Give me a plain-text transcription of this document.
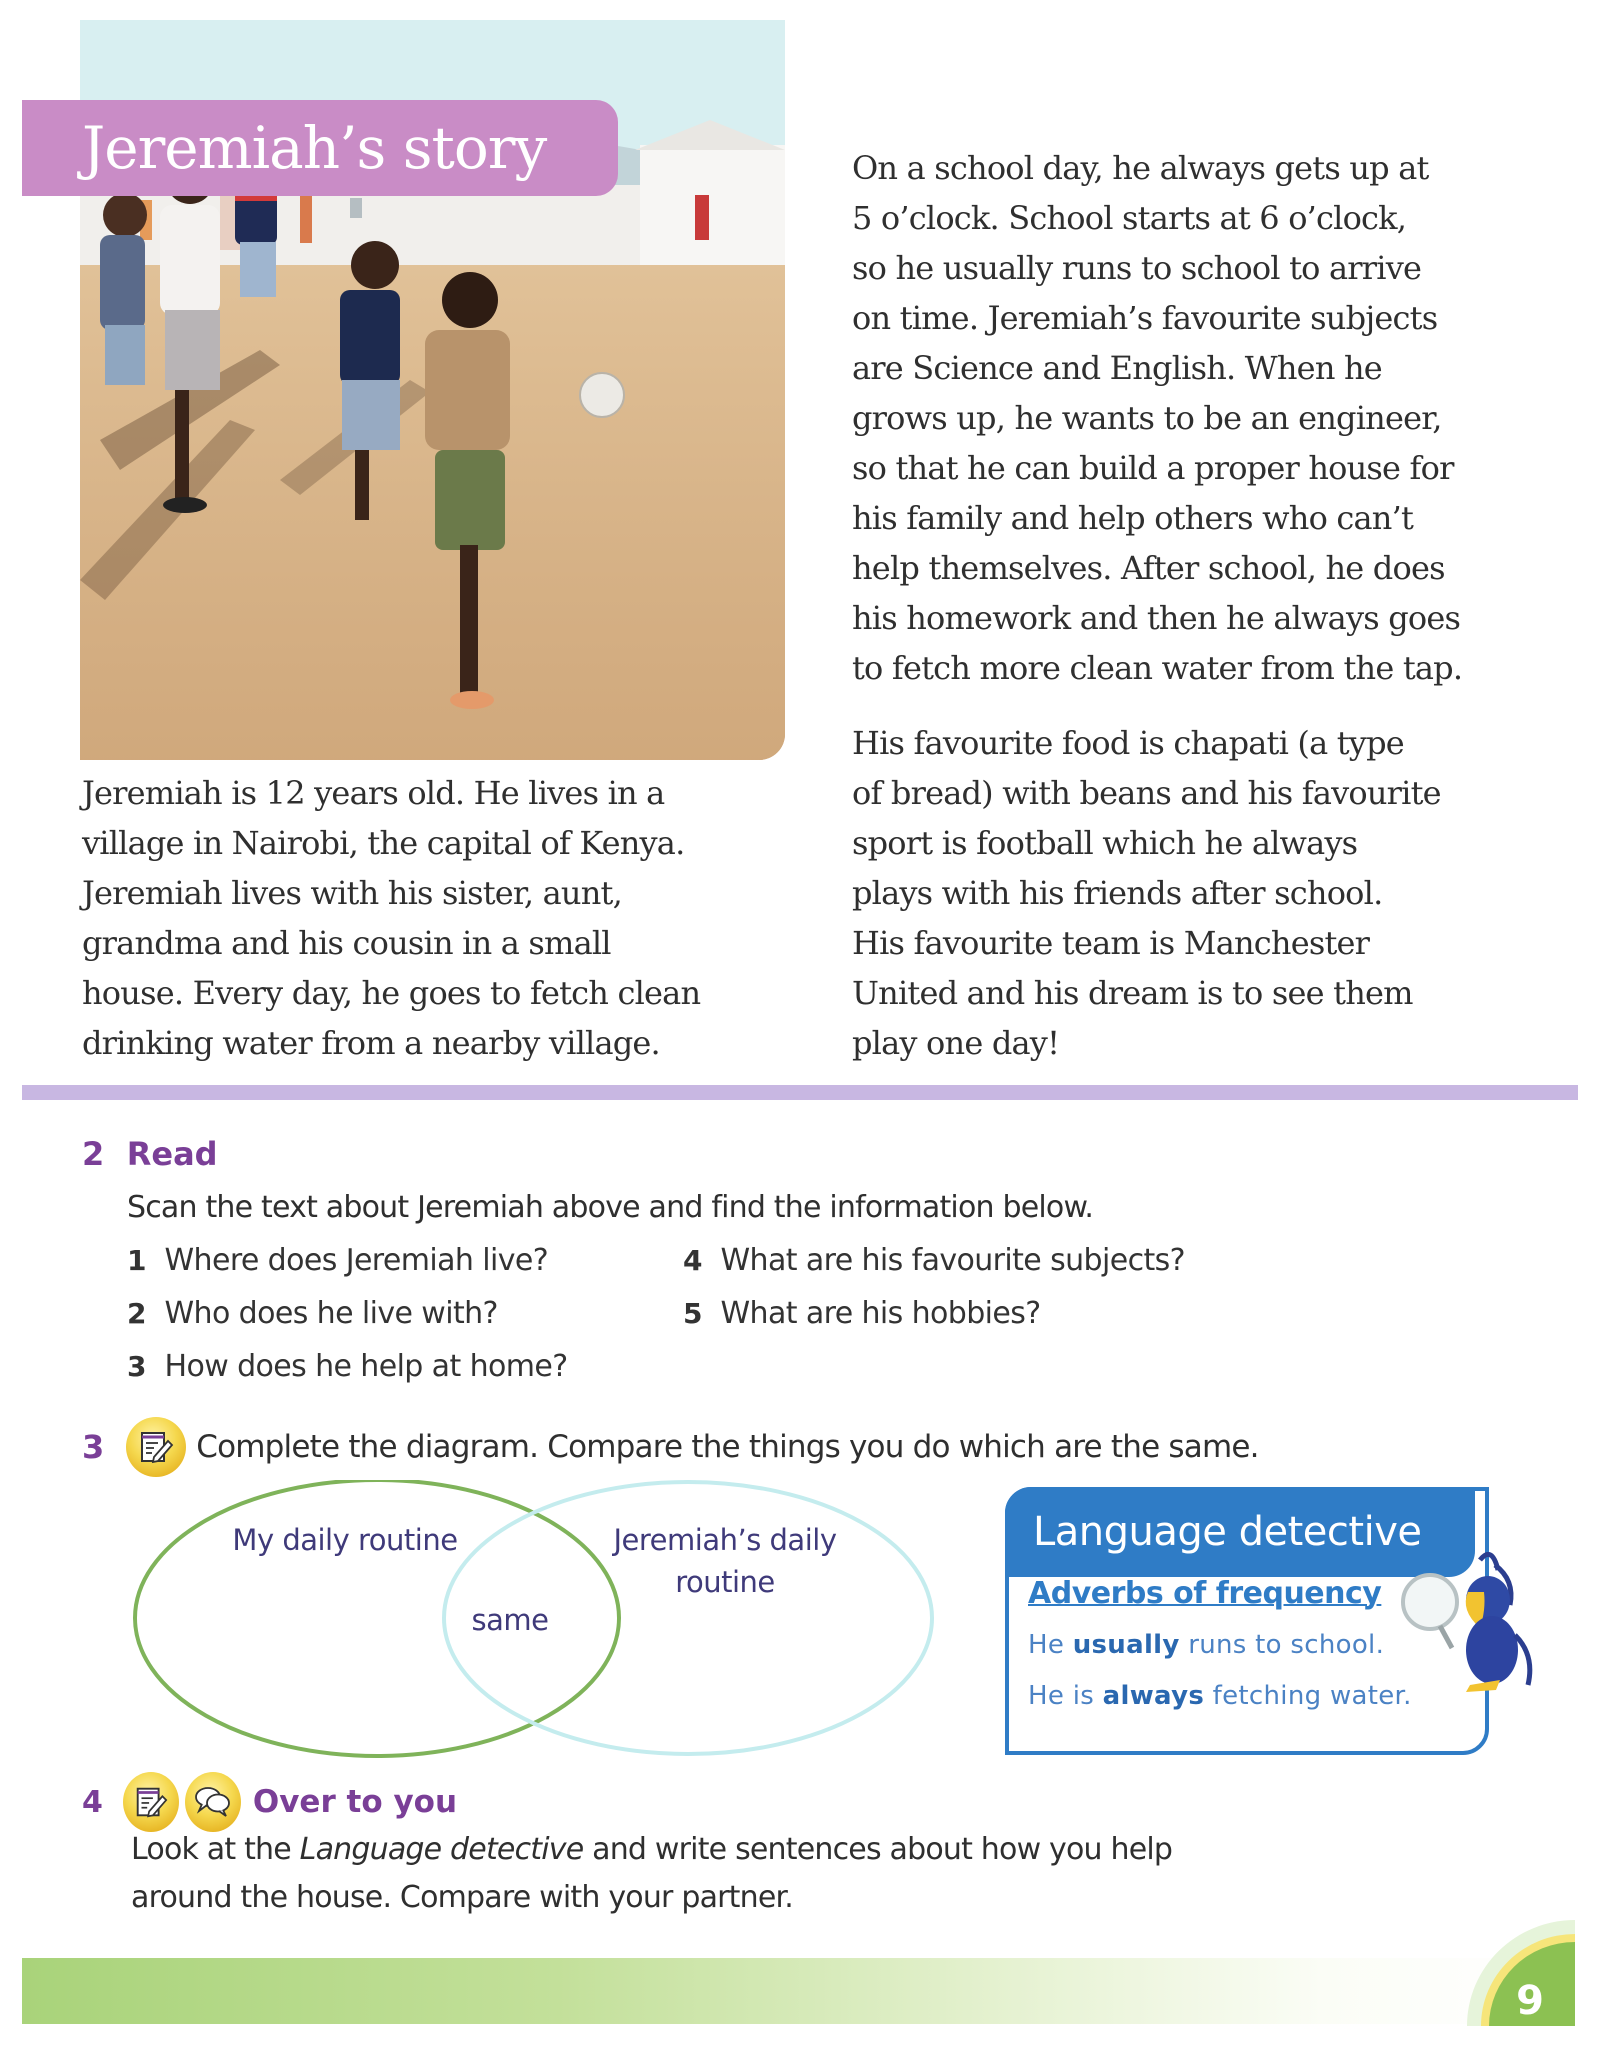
Jeremiah’s story	On a school day, he always gets up at
5 o’clock. School starts at 6 o’clock,
so he usually runs to school to arrive
on time. Jeremiah’s favourite subjects
are Science and English. When he
grows up, he wants to be an engineer,
so that he can build a proper house for
his family and help others who can’t
help themselves. After school, he does
his homework and then he always goes
to fetch more clean water from the tap.
His favourite food is chapati (a type
of bread) with beans and his favourite
sport is football which he always
plays with his friends after school.
His favourite team is Manchester
United and his dream is to see them
play one day!
Jeremiah is 12 years old. He lives in a
village in Nairobi, the capital of Kenya.
Jeremiah lives with his sister, aunt,
grandma and his cousin in a small
house. Every day, he goes to fetch clean
drinking water from a nearby village.
2 Read
Scan the text about Jeremiah above and find the information below.
1 Where does Jeremiah live?
2 Who does he live with?
3 How does he help at home?
4 What are his favourite subjects?
5 What are his hobbies?
3	Complete the diagram. Compare the things you do which are the same.
My daily routine	Jeremiah’s daily
routine
same
Language detective
Adverbs of frequency
He usually runs to school.
He is always fetching water.
4	Over to you
Look at the Language detective and write sentences about how you help
around the house. Compare with your partner.
9
